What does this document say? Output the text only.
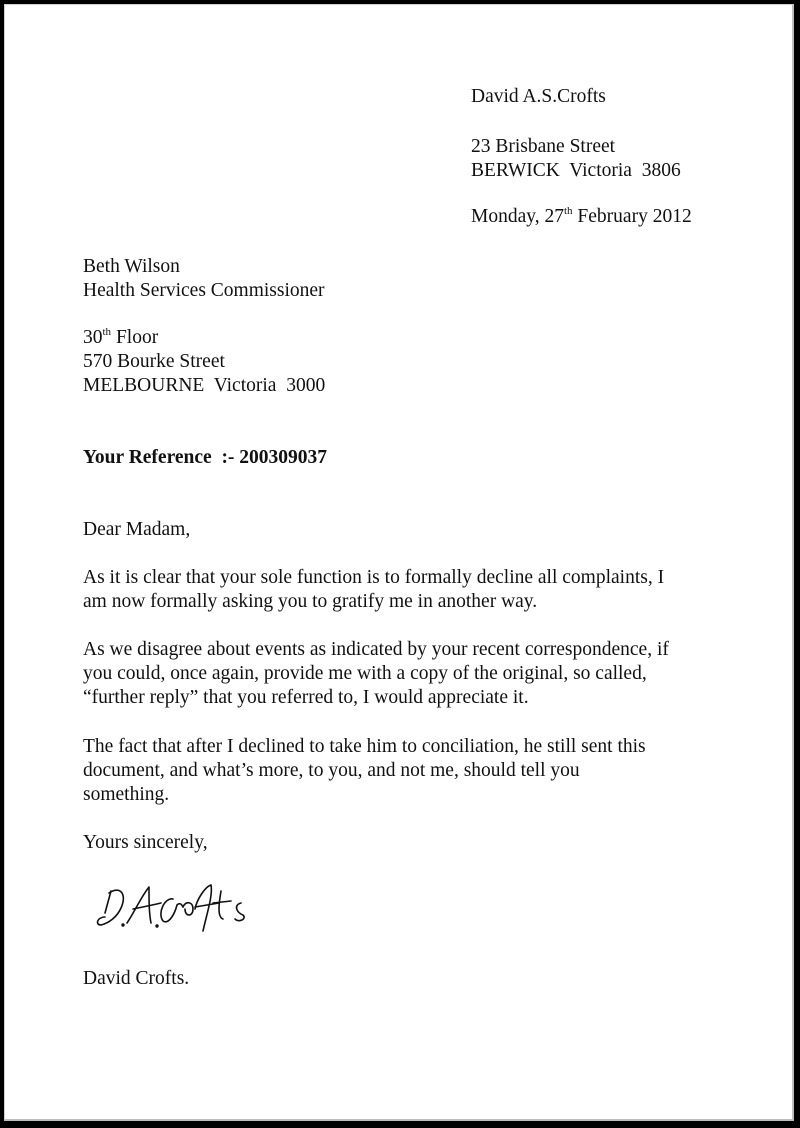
David A.S.Crofts
23 Brisbane Street
BERWICK  Victoria  3806
Monday, 27th February 2012
Beth Wilson
Health Services Commissioner
30th Floor
570 Bourke Street
MELBOURNE  Victoria  3000
Your Reference  :- 200309037
Dear Madam,
As it is clear that your sole function is to formally decline all complaints, I
am now formally asking you to gratify me in another way.
As we disagree about events as indicated by your recent correspondence, if
you could, once again, provide me with a copy of the original, so called,
“further reply” that you referred to, I would appreciate it.
The fact that after I declined to take him to conciliation, he still sent this
document, and what’s more, to you, and not me, should tell you
something.
Yours sincerely,
David Crofts.
